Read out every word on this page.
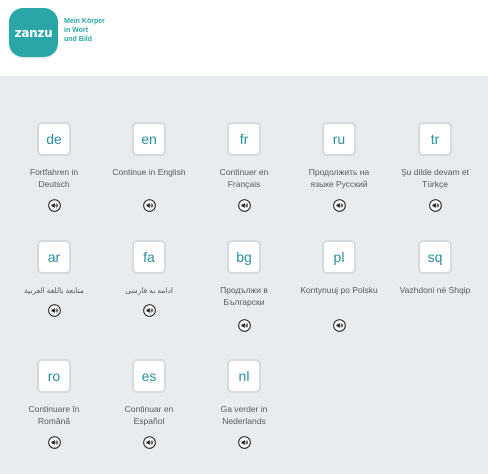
zanzu
Mein Körper
in Wort
und Bild
de
Fortfahren in Deutsch
en
Continue in English
fr
Continuer en Français
ru
Продолжить на языке Русский
tr
Şu dilde devam et Türkçe
ar
متابعة باللغة العربية
fa
ادامه به فارسی
bg
Продължи в Български
pl
Kontynuuj po Polsku
sq
Vazhdoni në Shqip
ro
Continuare în Română
es
Continuar en Español
nl
Ga verder in Nederlands
